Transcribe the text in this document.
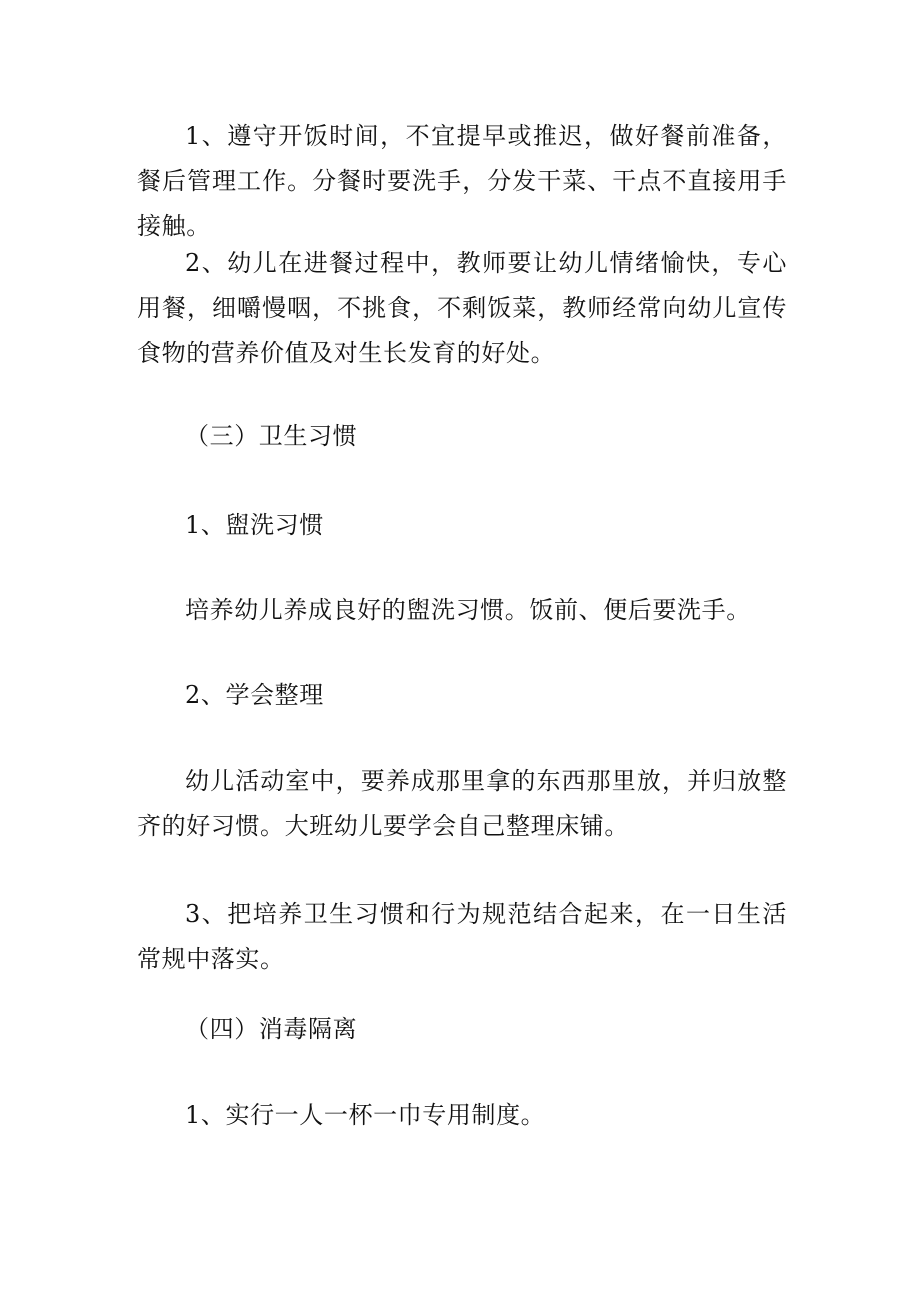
1、遵守开饭时间，不宜提早或推迟，做好餐前准备，餐后管理工作。分餐时要洗手，分发干菜、干点不直接用手接触。

2、幼儿在进餐过程中，教师要让幼儿情绪愉快，专心用餐，细嚼慢咽，不挑食，不剩饭菜，教师经常向幼儿宣传食物的营养价值及对生长发育的好处。

（三）卫生习惯

1、盥洗习惯

培养幼儿养成良好的盥洗习惯。饭前、便后要洗手。

2、学会整理

幼儿活动室中，要养成那里拿的东西那里放，并归放整齐的好习惯。大班幼儿要学会自己整理床铺。

3、把培养卫生习惯和行为规范结合起来，在一日生活常规中落实。

（四）消毒隔离

1、实行一人一杯一巾专用制度。
